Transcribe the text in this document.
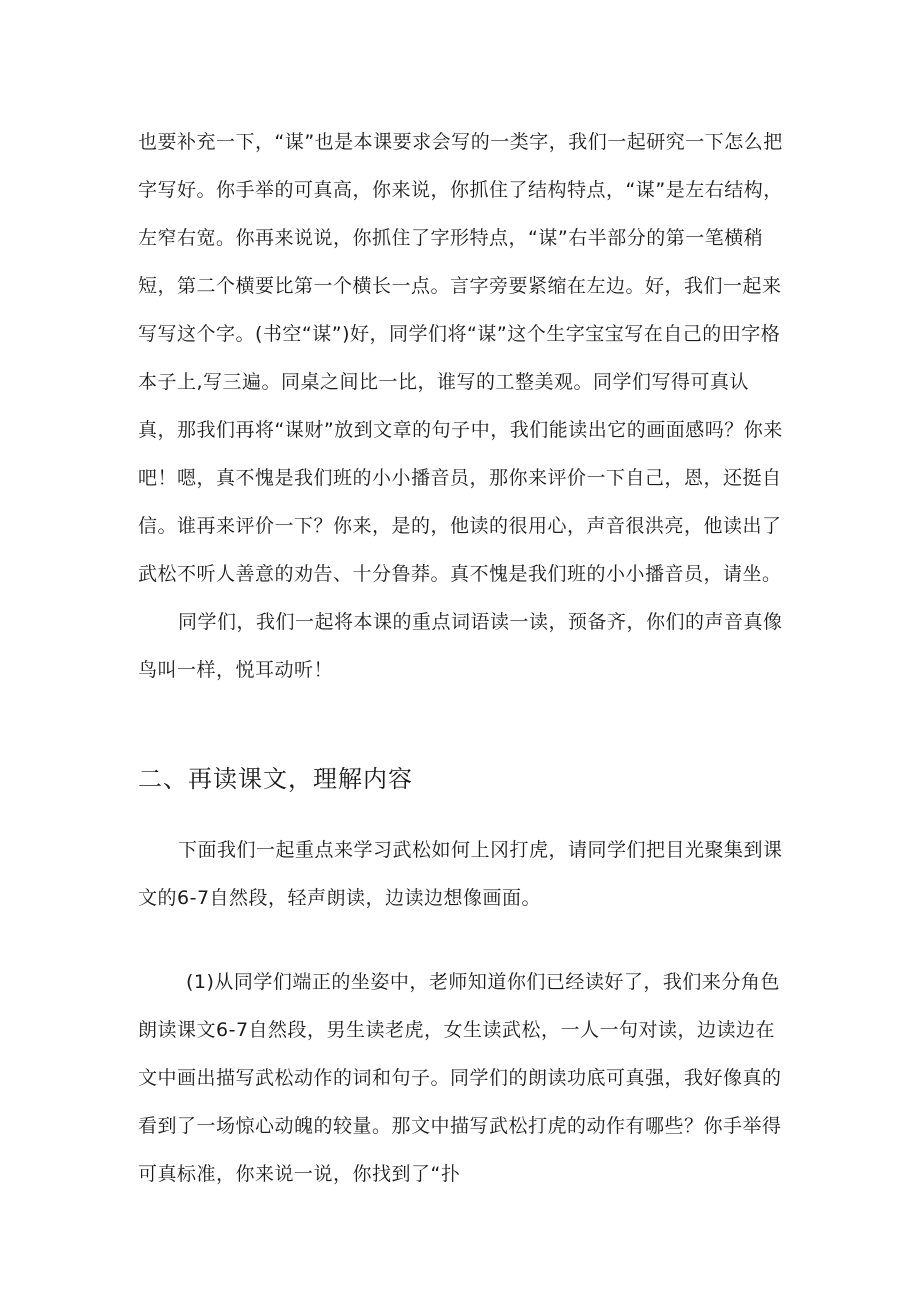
也要补充一下，“谋”也是本课要求会写的一类字，我们一起研究一下怎么把字写好。你手举的可真高，你来说，你抓住了结构特点，“谋”是左右结构，左窄右宽。你再来说说，你抓住了字形特点，“谋”右半部分的第一笔横稍短，第二个横要比第一个横长一点。言字旁要紧缩在左边。好，我们一起来写写这个字。(书空“谋”)好，同学们将“谋”这个生字宝宝写在自己的田字格本子上,写三遍。同桌之间比一比，谁写的工整美观。同学们写得可真认真，那我们再将“谋财”放到文章的句子中，我们能读出它的画面感吗？你来吧！嗯，真不愧是我们班的小小播音员，那你来评价一下自己，恩，还挺自信。谁再来评价一下？你来，是的，他读的很用心，声音很洪亮，他读出了武松不听人善意的劝告、十分鲁莽。真不愧是我们班的小小播音员，请坐。

同学们，我们一起将本课的重点词语读一读，预备齐，你们的声音真像鸟叫一样，悦耳动听！

二、再读课文，理解内容

下面我们一起重点来学习武松如何上冈打虎，请同学们把目光聚集到课文的6-7自然段，轻声朗读，边读边想像画面。

(1)从同学们端正的坐姿中，老师知道你们已经读好了，我们来分角色朗读课文6-7自然段，男生读老虎，女生读武松，一人一句对读，边读边在文中画出描写武松动作的词和句子。同学们的朗读功底可真强，我好像真的看到了一场惊心动魄的较量。那文中描写武松打虎的动作有哪些？你手举得可真标准，你来说一说，你找到了“扑
